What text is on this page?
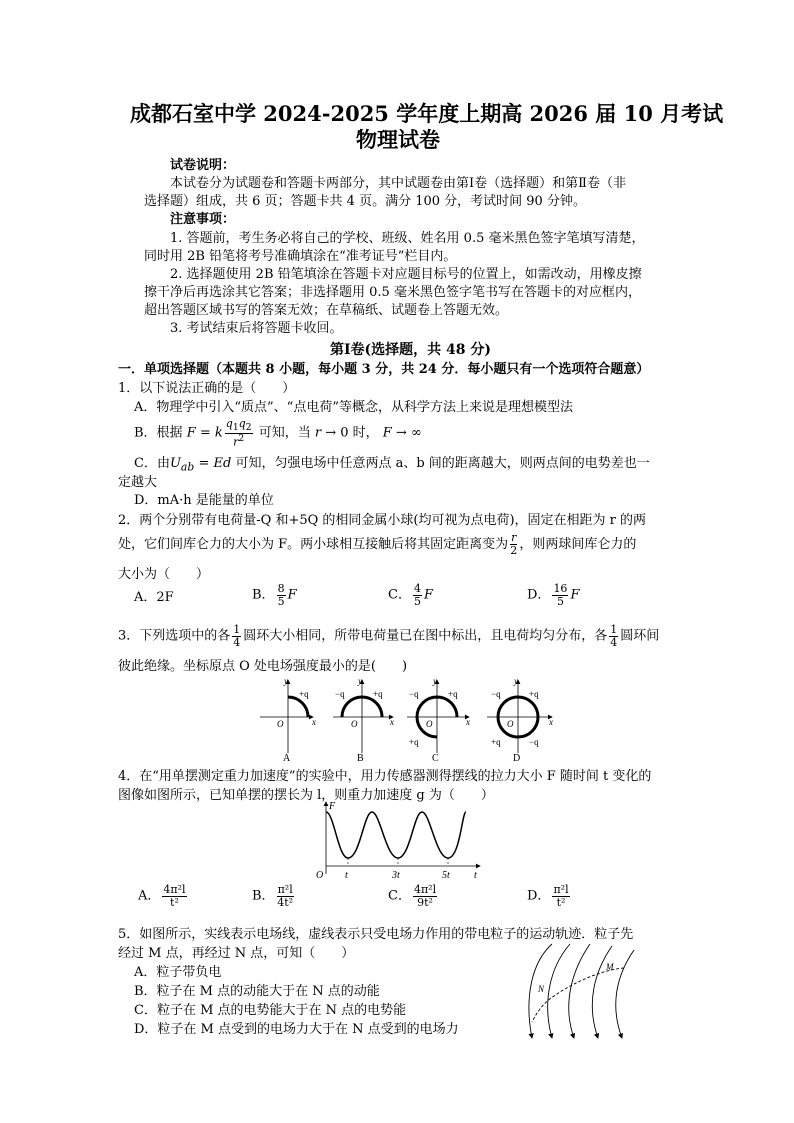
成都石室中学 2024-2025 学年度上期高 2026 届 10 月考试
物理试卷
试卷说明：
本试卷分为试题卷和答题卡两部分，其中试题卷由第Ⅰ卷（选择题）和第Ⅱ卷（非
选择题）组成，共 6 页；答题卡共 4 页。满分 100 分，考试时间 90 分钟。
注意事项：
1. 答题前，考生务必将自己的学校、班级、姓名用 0.5 毫米黑色签字笔填写清楚，
同时用 2B 铅笔将考号准确填涂在“准考证号”栏目内。
2. 选择题使用 2B 铅笔填涂在答题卡对应题目标号的位置上，如需改动，用橡皮擦
擦干净后再选涂其它答案；非选择题用 0.5 毫米黑色签字笔书写在答题卡的对应框内，
超出答题区域书写的答案无效；在草稿纸、试题卷上答题无效。
3. 考试结束后将答题卡收回。
第Ⅰ卷(选择题，共 48 分)
一．单项选择题（本题共 8 小题，每小题 3 分，共 24 分．每小题只有一个选项符合题意）
1．以下说法正确的是（　　）
A．物理学中引入“质点”、“点电荷”等概念，从科学方法上来说是理想模型法
B．根据 F = k $\frac{q_1q_2}{r^2}$ 可知，当 r → 0 时， F → ∞
C．由$U_{ab} = Ed$ 可知，匀强电场中任意两点 a、b 间的距离越大，则两点间的电势差也一
定越大
D．mA·h 是能量的单位
2．两个分别带有电荷量-Q 和+5Q 的相同金属小球(均可视为点电荷)，固定在相距为 r 的两
处，它们间库仑力的大小为 F。两小球相互接触后将其固定距离变为 $\frac{r}{2}$ ，则两球间库仑力的
大小为（　　）
A．2F	B． $\frac{8}{5}$ F	C． $\frac{4}{5}$ F	D． $\frac{16}{5}$ F
3．下列选项中的各 $\frac{1}{4}$ 圆环大小相同，所带电荷量已在图中标出，且电荷均匀分布，各 $\frac{1}{4}$ 圆环间
彼此绝缘。坐标原点 O 处电场强度最小的是(　　)
y
x
O
+q
A
y
x
O
−q	+q
B
y
x
O
−q	+q
+q
C
y
x
O
−q	+q
+q	−q
D
4．在“用单摆测定重力加速度”的实验中，用力传感器测得摆线的拉力大小 F 随时间 t 变化的
图像如图所示，已知单摆的摆长为 l，则重力加速度 g 为（　　）
F
t
O t	3t	5t
A． $\frac{\text{4π²l}}{\text{t²}}$	B． $\frac{\text{π²l}}{\text{4t²}}$	C． $\frac{\text{4π²l}}{\text{9t²}}$	D． $\frac{\text{π²l}}{\text{t²}}$
5．如图所示，实线表示电场线，虚线表示只受电场力作用的带电粒子的运动轨迹．粒子先
经过 M 点，再经过 N 点，可知（　　）
A．粒子带负电
B．粒子在 M 点的动能大于在 N 点的动能
C．粒子在 M 点的电势能大于在 N 点的电势能
D．粒子在 M 点受到的电场力大于在 N 点受到的电场力
M
N
